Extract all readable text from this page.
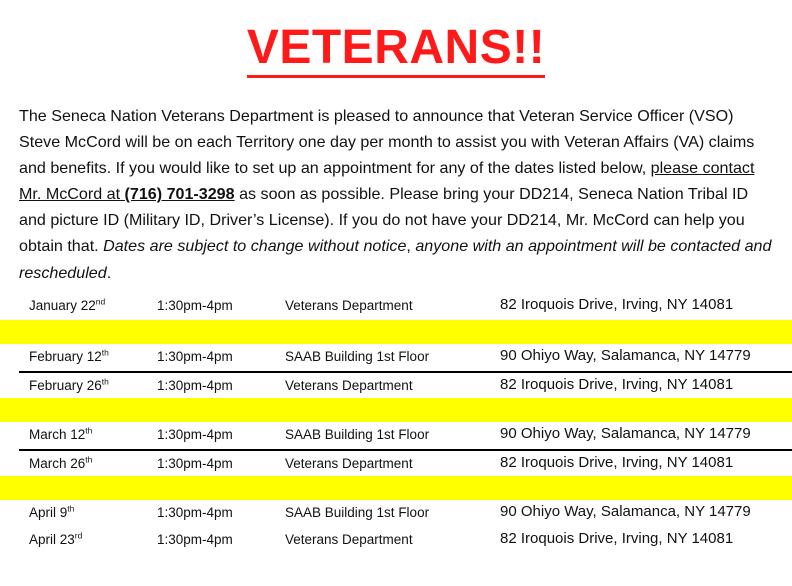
VETERANS!!
The Seneca Nation Veterans Department is pleased to announce that Veteran Service Officer (VSO) Steve McCord will be on each Territory one day per month to assist you with Veteran Affairs (VA) claims and benefits. If you would like to set up an appointment for any of the dates listed below, please contact Mr. McCord at (716) 701-3298 as soon as possible. Please bring your DD214, Seneca Nation Tribal ID and picture ID (Military ID, Driver’s License). If you do not have your DD214, Mr. McCord can help you obtain that. Dates are subject to change without notice, anyone with an appointment will be contacted and rescheduled.
January 22nd	1:30pm-4pm	Veterans Department	82 Iroquois Drive, Irving, NY 14081
February 12th	1:30pm-4pm	SAAB Building 1st Floor	90 Ohiyo Way, Salamanca, NY 14779
February 26th	1:30pm-4pm	Veterans Department	82 Iroquois Drive, Irving, NY 14081
March 12th	1:30pm-4pm	SAAB Building 1st Floor	90 Ohiyo Way, Salamanca, NY 14779
March 26th	1:30pm-4pm	Veterans Department	82 Iroquois Drive, Irving, NY 14081
April 9th	1:30pm-4pm	SAAB Building 1st Floor	90 Ohiyo Way, Salamanca, NY 14779
April 23rd	1:30pm-4pm	Veterans Department	82 Iroquois Drive, Irving, NY 14081
